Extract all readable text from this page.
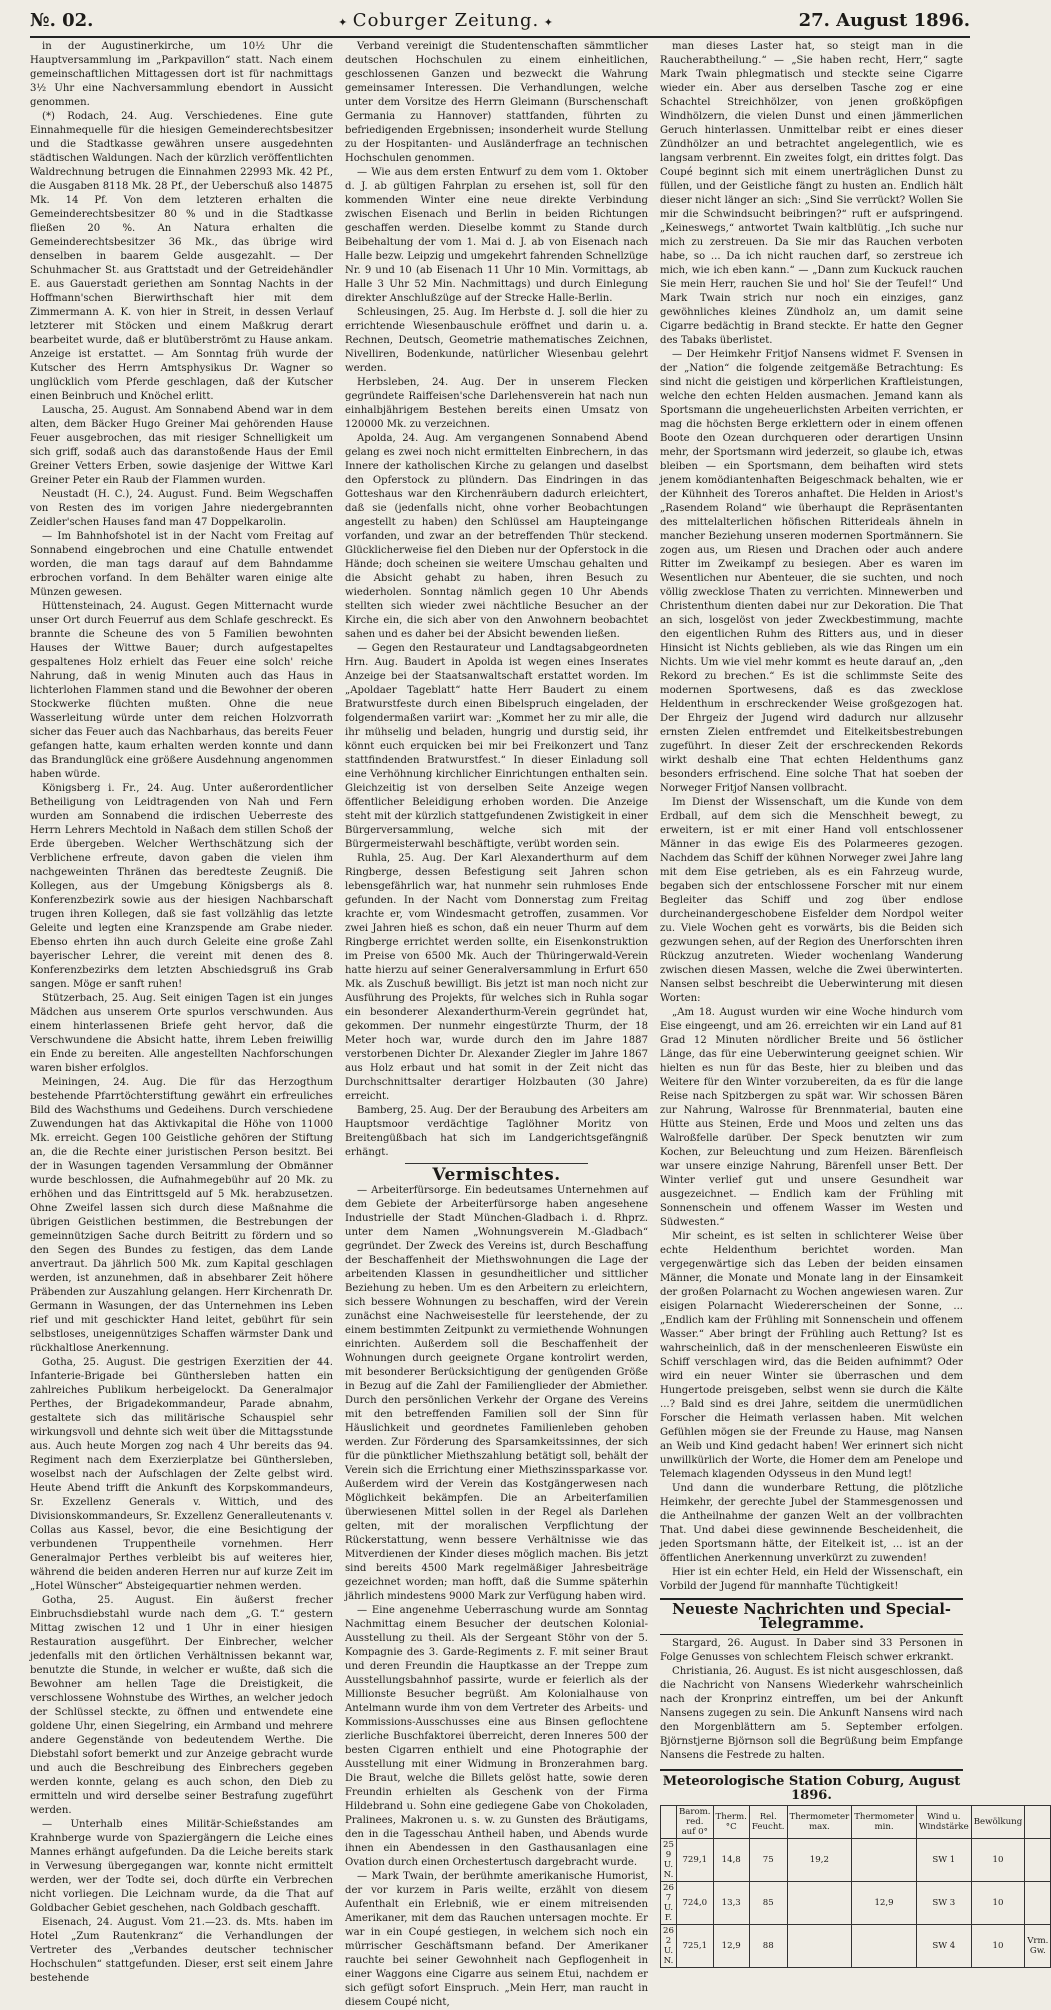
№. 02.	✦ Coburger Zeitung. ✦	27. August 1896.

in der Augustinerkirche, um 10½ Uhr die Hauptversammlung im „Parkpavillon“ statt. Nach einem gemeinschaftlichen Mittagessen dort ist für nachmittags 3½ Uhr eine Nachversammlung ebendort in Aussicht genommen.

(*) Rodach, 24. Aug. Verschiedenes. Eine gute Einnahmequelle für die hiesigen Gemeinderechtsbesitzer und die Stadtkasse gewähren unsere ausgedehnten städtischen Waldungen. Nach der kürzlich veröffentlichten Waldrechnung betrugen die Einnahmen 22993 Mk. 42 Pf., die Ausgaben 8118 Mk. 28 Pf., der Ueberschuß also 14875 Mk. 14 Pf. Von dem letzteren erhalten die Gemeinderechtsbesitzer 80 % und in die Stadtkasse fließen 20 %. An Natura erhalten die Gemeinderechtsbesitzer 36 Mk., das übrige wird denselben in baarem Gelde ausgezahlt. — Der Schuhmacher St. aus Grattstadt und der Getreidehändler E. aus Gauerstadt geriethen am Sonntag Nachts in der Hoffmann'schen Bierwirthschaft hier mit dem Zimmermann A. K. von hier in Streit, in dessen Verlauf letzterer mit Stöcken und einem Maßkrug derart bearbeitet wurde, daß er blutüberströmt zu Hause ankam. Anzeige ist erstattet. — Am Sonntag früh wurde der Kutscher des Herrn Amtsphysikus Dr. Wagner so unglücklich vom Pferde geschlagen, daß der Kutscher einen Beinbruch und Knöchel erlitt.

Lauscha, 25. August. Am Sonnabend Abend war in dem alten, dem Bäcker Hugo Greiner Mai gehörenden Hause Feuer ausgebrochen, das mit riesiger Schnelligkeit um sich griff, sodaß auch das daranstoßende Haus der Emil Greiner Vetters Erben, sowie dasjenige der Wittwe Karl Greiner Peter ein Raub der Flammen wurden.

Neustadt (H. C.), 24. August. Fund. Beim Wegschaffen von Resten des im vorigen Jahre niedergebrannten Zeidler'schen Hauses fand man 47 Doppelkarolin.

— Im Bahnhofshotel ist in der Nacht vom Freitag auf Sonnabend eingebrochen und eine Chatulle entwendet worden, die man tags darauf auf dem Bahndamme erbrochen vorfand. In dem Behälter waren einige alte Münzen gewesen.

Hüttensteinach, 24. August. Gegen Mitternacht wurde unser Ort durch Feuerruf aus dem Schlafe geschreckt. Es brannte die Scheune des von 5 Familien bewohnten Hauses der Wittwe Bauer; durch aufgestapeltes gespaltenes Holz erhielt das Feuer eine solch' reiche Nahrung, daß in wenig Minuten auch das Haus in lichterlohen Flammen stand und die Bewohner der oberen Stockwerke flüchten mußten. Ohne die neue Wasserleitung würde unter dem reichen Holzvorrath sicher das Feuer auch das Nachbarhaus, das bereits Feuer gefangen hatte, kaum erhalten werden konnte und dann das Brandunglück eine größere Ausdehnung angenommen haben würde.

Königsberg i. Fr., 24. Aug. Unter außerordentlicher Betheiligung von Leidtragenden von Nah und Fern wurden am Sonnabend die irdischen Ueberreste des Herrn Lehrers Mechtold in Naßach dem stillen Schoß der Erde übergeben. Welcher Werthschätzung sich der Verblichene erfreute, davon gaben die vielen ihm nachgeweinten Thränen das beredteste Zeugniß. Die Kollegen, aus der Umgebung Königsbergs als 8. Konferenzbezirk sowie aus der hiesigen Nachbarschaft trugen ihren Kollegen, daß sie fast vollzählig das letzte Geleite und legten eine Kranzspende am Grabe nieder. Ebenso ehrten ihn auch durch Geleite eine große Zahl bayerischer Lehrer, die vereint mit denen des 8. Konferenzbezirks dem letzten Abschiedsgruß ins Grab sangen. Möge er sanft ruhen!

Stützerbach, 25. Aug. Seit einigen Tagen ist ein junges Mädchen aus unserem Orte spurlos verschwunden. Aus einem hinterlassenen Briefe geht hervor, daß die Verschwundene die Absicht hatte, ihrem Leben freiwillig ein Ende zu bereiten. Alle angestellten Nachforschungen waren bisher erfolglos.

Meiningen, 24. Aug. Die für das Herzogthum bestehende Pfarrtöchterstiftung gewährt ein erfreuliches Bild des Wachsthums und Gedeihens. Durch verschiedene Zuwendungen hat das Aktivkapital die Höhe von 11000 Mk. erreicht. Gegen 100 Geistliche gehören der Stiftung an, die die Rechte einer juristischen Person besitzt. Bei der in Wasungen tagenden Versammlung der Obmänner wurde beschlossen, die Aufnahmegebühr auf 20 Mk. zu erhöhen und das Eintrittsgeld auf 5 Mk. herabzusetzen. Ohne Zweifel lassen sich durch diese Maßnahme die übrigen Geistlichen bestimmen, die Bestrebungen der gemeinnützigen Sache durch Beitritt zu fördern und so den Segen des Bundes zu festigen, das dem Lande anvertraut. Da jährlich 500 Mk. zum Kapital geschlagen werden, ist anzunehmen, daß in absehbarer Zeit höhere Präbenden zur Auszahlung gelangen. Herr Kirchenrath Dr. Germann in Wasungen, der das Unternehmen ins Leben rief und mit geschickter Hand leitet, gebührt für sein selbstloses, uneigennütziges Schaffen wärmster Dank und rückhaltlose Anerkennung.

Gotha, 25. August. Die gestrigen Exerzitien der 44. Infanterie-Brigade bei Günthersleben hatten ein zahlreiches Publikum herbeigelockt. Da Generalmajor Perthes, der Brigadekommandeur, Parade abnahm, gestaltete sich das militärische Schauspiel sehr wirkungsvoll und dehnte sich weit über die Mittagsstunde aus. Auch heute Morgen zog nach 4 Uhr bereits das 94. Regiment nach dem Exerzierplatze bei Günthersleben, woselbst nach der Aufschlagen der Zelte gelbst wird. Heute Abend trifft die Ankunft des Korpskommandeurs, Sr. Exzellenz Generals v. Wittich, und des Divisionskommandeurs, Sr. Exzellenz Generalleutenants v. Collas aus Kassel, bevor, die eine Besichtigung der verbundenen Truppentheile vornehmen. Herr Generalmajor Perthes verbleibt bis auf weiteres hier, während die beiden anderen Herren nur auf kurze Zeit im „Hotel Wünscher“ Absteigequartier nehmen werden.

Gotha, 25. August. Ein äußerst frecher Einbruchsdiebstahl wurde nach dem „G. T.“ gestern Mittag zwischen 12 und 1 Uhr in einer hiesigen Restauration ausgeführt. Der Einbrecher, welcher jedenfalls mit den örtlichen Verhältnissen bekannt war, benutzte die Stunde, in welcher er wußte, daß sich die Bewohner am hellen Tage die Dreistigkeit, die verschlossene Wohnstube des Wirthes, an welcher jedoch der Schlüssel steckte, zu öffnen und entwendete eine goldene Uhr, einen Siegelring, ein Armband und mehrere andere Gegenstände von bedeutendem Werthe. Die Diebstahl sofort bemerkt und zur Anzeige gebracht wurde und auch die Beschreibung des Einbrechers gegeben werden konnte, gelang es auch schon, den Dieb zu ermitteln und wird derselbe seiner Bestrafung zugeführt werden.

— Unterhalb eines Militär-Schießstandes am Krahnberge wurde von Spaziergängern die Leiche eines Mannes erhängt aufgefunden. Da die Leiche bereits stark in Verwesung übergegangen war, konnte nicht ermittelt werden, wer der Todte sei, doch dürfte ein Verbrechen nicht vorliegen. Die Leichnam wurde, da die That auf Goldbacher Gebiet geschehen, nach Goldbach geschafft.

Eisenach, 24. August. Vom 21.—23. ds. Mts. haben im Hotel „Zum Rautenkranz“ die Verhandlungen der Vertreter des „Verbandes deutscher technischer Hochschulen“ stattgefunden. Dieser, erst seit einem Jahre bestehende

Verband vereinigt die Studentenschaften sämmtlicher deutschen Hochschulen zu einem einheitlichen, geschlossenen Ganzen und bezweckt die Wahrung gemeinsamer Interessen. Die Verhandlungen, welche unter dem Vorsitze des Herrn Gleimann (Burschenschaft Germania zu Hannover) stattfanden, führten zu befriedigenden Ergebnissen; insonderheit wurde Stellung zu der Hospitanten- und Ausländerfrage an technischen Hochschulen genommen.

— Wie aus dem ersten Entwurf zu dem vom 1. Oktober d. J. ab gültigen Fahrplan zu ersehen ist, soll für den kommenden Winter eine neue direkte Verbindung zwischen Eisenach und Berlin in beiden Richtungen geschaffen werden. Dieselbe kommt zu Stande durch Beibehaltung der vom 1. Mai d. J. ab von Eisenach nach Halle bezw. Leipzig und umgekehrt fahrenden Schnellzüge Nr. 9 und 10 (ab Eisenach 11 Uhr 10 Min. Vormittags, ab Halle 3 Uhr 52 Min. Nachmittags) und durch Einlegung direkter Anschlußzüge auf der Strecke Halle-Berlin.

Schleusingen, 25. Aug. Im Herbste d. J. soll die hier zu errichtende Wiesenbauschule eröffnet und darin u. a. Rechnen, Deutsch, Geometrie mathematisches Zeichnen, Nivelliren, Bodenkunde, natürlicher Wiesenbau gelehrt werden.

Herbsleben, 24. Aug. Der in unserem Flecken gegründete Raiffeisen'sche Darlehensverein hat nach nun einhalbjährigem Bestehen bereits einen Umsatz von 120000 Mk. zu verzeichnen.

Apolda, 24. Aug. Am vergangenen Sonnabend Abend gelang es zwei noch nicht ermittelten Einbrechern, in das Innere der katholischen Kirche zu gelangen und daselbst den Opferstock zu plündern. Das Eindringen in das Gotteshaus war den Kirchenräubern dadurch erleichtert, daß sie (jedenfalls nicht, ohne vorher Beobachtungen angestellt zu haben) den Schlüssel am Haupteingange vorfanden, und zwar an der betreffenden Thür steckend. Glücklicherweise fiel den Dieben nur der Opferstock in die Hände; doch scheinen sie weitere Umschau gehalten und die Absicht gehabt zu haben, ihren Besuch zu wiederholen. Sonntag nämlich gegen 10 Uhr Abends stellten sich wieder zwei nächtliche Besucher an der Kirche ein, die sich aber von den Anwohnern beobachtet sahen und es daher bei der Absicht bewenden ließen.

— Gegen den Restaurateur und Landtagsabgeordneten Hrn. Aug. Baudert in Apolda ist wegen eines Inserates Anzeige bei der Staatsanwaltschaft erstattet worden. Im „Apoldaer Tageblatt“ hatte Herr Baudert zu einem Bratwurstfeste durch einen Bibelspruch eingeladen, der folgendermaßen variirt war: „Kommet her zu mir alle, die ihr mühselig und beladen, hungrig und durstig seid, ihr könnt euch erquicken bei mir bei Freikonzert und Tanz stattfindenden Bratwurstfest.“ In dieser Einladung soll eine Verhöhnung kirchlicher Einrichtungen enthalten sein. Gleichzeitig ist von derselben Seite Anzeige wegen öffentlicher Beleidigung erhoben worden. Die Anzeige steht mit der kürzlich stattgefundenen Zwistigkeit in einer Bürgerversammlung, welche sich mit der Bürgermeisterwahl beschäftigte, verübt worden sein.

Ruhla, 25. Aug. Der Karl Alexanderthurm auf dem Ringberge, dessen Befestigung seit Jahren schon lebensgefährlich war, hat nunmehr sein ruhmloses Ende gefunden. In der Nacht vom Donnerstag zum Freitag krachte er, vom Windesmacht getroffen, zusammen. Vor zwei Jahren hieß es schon, daß ein neuer Thurm auf dem Ringberge errichtet werden sollte, ein Eisenkonstruktion im Preise von 6500 Mk. Auch der Thüringerwald-Verein hatte hierzu auf seiner Generalversammlung in Erfurt 650 Mk. als Zuschuß bewilligt. Bis jetzt ist man noch nicht zur Ausführung des Projekts, für welches sich in Ruhla sogar ein besonderer Alexanderthurm-Verein gegründet hat, gekommen. Der nunmehr eingestürzte Thurm, der 18 Meter hoch war, wurde durch den im Jahre 1887 verstorbenen Dichter Dr. Alexander Ziegler im Jahre 1867 aus Holz erbaut und hat somit in der Zeit nicht das Durchschnittsalter derartiger Holzbauten (30 Jahre) erreicht.

Bamberg, 25. Aug. Der der Beraubung des Arbeiters am Hauptsmoor verdächtige Taglöhner Moritz von Breitengüßbach hat sich im Landgerichtsgefängniß erhängt.

Vermischtes.

— Arbeiterfürsorge. Ein bedeutsames Unternehmen auf dem Gebiete der Arbeiterfürsorge haben angesehene Industrielle der Stadt München-Gladbach i. d. Rhprz. unter dem Namen „Wohnungsverein M.-Gladbach“ gegründet. Der Zweck des Vereins ist, durch Beschaffung der Beschaffenheit der Miethswohnungen die Lage der arbeitenden Klassen in gesundheitlicher und sittlicher Beziehung zu heben. Um es den Arbeitern zu erleichtern, sich bessere Wohnungen zu beschaffen, wird der Verein zunächst eine Nachweisestelle für leerstehende, der zu einem bestimmten Zeitpunkt zu vermiethende Wohnungen einrichten. Außerdem soll die Beschaffenheit der Wohnungen durch geeignete Organe kontrolirt werden, mit besonderer Berücksichtigung der genügenden Größe in Bezug auf die Zahl der Familienglieder der Abmiether. Durch den persönlichen Verkehr der Organe des Vereins mit den betreffenden Familien soll der Sinn für Häuslichkeit und geordnetes Familienleben gehoben werden. Zur Förderung des Sparsamkeitssinnes, der sich für die pünktlicher Miethszahlung betätigt soll, behält der Verein sich die Errichtung einer Miethszinssparkasse vor. Außerdem wird der Verein das Kostgängerwesen nach Möglichkeit bekämpfen. Die an Arbeiterfamilien überwiesenen Mittel sollen in der Regel als Darlehen gelten, mit der moralischen Verpflichtung der Rückerstattung, wenn bessere Verhältnisse wie das Mitverdienen der Kinder dieses möglich machen. Bis jetzt sind bereits 4500 Mark regelmäßiger Jahresbeiträge gezeichnet worden; man hofft, daß die Summe späterhin jährlich mindestens 9000 Mark zur Verfügung haben wird.

— Eine angenehme Ueberraschung wurde am Sonntag Nachmittag einem Besucher der deutschen Kolonial-Ausstellung zu theil. Als der Sergeant Stöhr von der 5. Kompagnie des 3. Garde-Regiments z. F. mit seiner Braut und deren Freundin die Hauptkasse an der Treppe zum Ausstellungsbahnhof passirte, wurde er feierlich als der Millionste Besucher begrüßt. Am Kolonialhause von Antelmann wurde ihm von dem Vertreter des Arbeits- und Kommissions-Ausschusses eine aus Binsen geflochtene zierliche Buschfaktorei überreicht, deren Inneres 500 der besten Cigarren enthielt und eine Photographie der Ausstellung mit einer Widmung in Bronzerahmen barg. Die Braut, welche die Billets gelöst hatte, sowie deren Freundin erhielten als Geschenk von der Firma Hildebrand u. Sohn eine gediegene Gabe von Chokoladen, Pralinees, Makronen u. s. w. zu Gunsten des Bräutigams, den in die Tagesschau Antheil haben, und Abends wurde ihnen ein Abendessen in den Gasthausanlagen eine Ovation durch einen Orchestertusch dargebracht wurde.

— Mark Twain, der berühmte amerikanische Humorist, der vor kurzem in Paris weilte, erzählt von diesem Aufenthalt ein Erlebniß, wie er einem mitreisenden Amerikaner, mit dem das Rauchen untersagen mochte. Er war in ein Coupé gestiegen, in welchem sich noch ein mürrischer Geschäftsmann befand. Der Amerikaner rauchte bei seiner Gewohnheit nach Gepflogenheit in einer Waggons eine Cigarre aus seinem Etui, nachdem er sich gefügt sofort Einspruch. „Mein Herr, man raucht in diesem Coupé nicht,

man dieses Laster hat, so steigt man in die Raucherabtheilung.“ — „Sie haben recht, Herr,“ sagte Mark Twain phlegmatisch und steckte seine Cigarre wieder ein. Aber aus derselben Tasche zog er eine Schachtel Streichhölzer, von jenen großköpfigen Windhölzern, die vielen Dunst und einen jämmerlichen Geruch hinterlassen. Unmittelbar reibt er eines dieser Zündhölzer an und betrachtet angelegentlich, wie es langsam verbrennt. Ein zweites folgt, ein drittes folgt. Das Coupé beginnt sich mit einem unerträglichen Dunst zu füllen, und der Geistliche fängt zu husten an. Endlich hält dieser nicht länger an sich: „Sind Sie verrückt? Wollen Sie mir die Schwindsucht beibringen?“ ruft er aufspringend. „Keineswegs,“ antwortet Twain kaltblütig. „Ich suche nur mich zu zerstreuen. Da Sie mir das Rauchen verboten habe, so ... Da ich nicht rauchen darf, so zerstreue ich mich, wie ich eben kann.“ — „Dann zum Kuckuck rauchen Sie mein Herr, rauchen Sie und hol' Sie der Teufel!“ Und Mark Twain strich nur noch ein einziges, ganz gewöhnliches kleines Zündholz an, um damit seine Cigarre bedächtig in Brand steckte. Er hatte den Gegner des Tabaks überlistet.

— Der Heimkehr Fritjof Nansens widmet F. Svensen in der „Nation“ die folgende zeitgemäße Betrachtung: Es sind nicht die geistigen und körperlichen Kraftleistungen, welche den echten Helden ausmachen. Jemand kann als Sportsmann die ungeheuerlichsten Arbeiten verrichten, er mag die höchsten Berge erklettern oder in einem offenen Boote den Ozean durchqueren oder derartigen Unsinn mehr, der Sportsmann wird jederzeit, so glaube ich, etwas bleiben — ein Sportsmann, dem beihaften wird stets jenem komödiantenhaften Beigeschmack behalten, wie er der Kühnheit des Toreros anhaftet. Die Helden in Ariost's „Rasendem Roland“ wie überhaupt die Repräsentanten des mittelalterlichen höfischen Ritterideals ähneln in mancher Beziehung unseren modernen Sportmännern. Sie zogen aus, um Riesen und Drachen oder auch andere Ritter im Zweikampf zu besiegen. Aber es waren im Wesentlichen nur Abenteuer, die sie suchten, und noch völlig zwecklose Thaten zu verrichten. Minnewerben und Christenthum dienten dabei nur zur Dekoration. Die That an sich, losgelöst von jeder Zweckbestimmung, machte den eigentlichen Ruhm des Ritters aus, und in dieser Hinsicht ist Nichts geblieben, als wie das Ringen um ein Nichts. Um wie viel mehr kommt es heute darauf an, „den Rekord zu brechen.“ Es ist die schlimmste Seite des modernen Sportwesens, daß es das zwecklose Heldenthum in erschreckender Weise großgezogen hat. Der Ehrgeiz der Jugend wird dadurch nur allzusehr ernsten Zielen entfremdet und Eitelkeitsbestrebungen zugeführt. In dieser Zeit der erschreckenden Rekords wirkt deshalb eine That echten Heldenthums ganz besonders erfrischend. Eine solche That hat soeben der Norweger Fritjof Nansen vollbracht.

Im Dienst der Wissenschaft, um die Kunde von dem Erdball, auf dem sich die Menschheit bewegt, zu erweitern, ist er mit einer Hand voll entschlossener Männer in das ewige Eis des Polarmeeres gezogen. Nachdem das Schiff der kühnen Norweger zwei Jahre lang mit dem Eise getrieben, als es ein Fahrzeug wurde, begaben sich der entschlossene Forscher mit nur einem Begleiter das Schiff und zog über endlose durcheinandergeschobene Eisfelder dem Nordpol weiter zu. Viele Wochen geht es vorwärts, bis die Beiden sich gezwungen sehen, auf der Region des Unerforschten ihren Rückzug anzutreten. Wieder wochenlang Wanderung zwischen diesen Massen, welche die Zwei überwinterten. Nansen selbst beschreibt die Ueberwinterung mit diesen Worten:

„Am 18. August wurden wir eine Woche hindurch vom Eise eingeengt, und am 26. erreichten wir ein Land auf 81 Grad 12 Minuten nördlicher Breite und 56 östlicher Länge, das für eine Ueberwinterung geeignet schien. Wir hielten es nun für das Beste, hier zu bleiben und das Weitere für den Winter vorzubereiten, da es für die lange Reise nach Spitzbergen zu spät war. Wir schossen Bären zur Nahrung, Walrosse für Brennmaterial, bauten eine Hütte aus Steinen, Erde und Moos und zelten uns das Walroßfelle darüber. Der Speck benutzten wir zum Kochen, zur Beleuchtung und zum Heizen. Bärenfleisch war unsere einzige Nahrung, Bärenfell unser Bett. Der Winter verlief gut und unsere Gesundheit war ausgezeichnet. — Endlich kam der Frühling mit Sonnenschein und offenem Wasser im Westen und Südwesten.“

Mir scheint, es ist selten in schlichterer Weise über echte Heldenthum berichtet worden. Man vergegenwärtige sich das Leben der beiden einsamen Männer, die Monate und Monate lang in der Einsamkeit der großen Polarnacht zu Wochen angewiesen waren. Zur eisigen Polarnacht Wiedererscheinen der Sonne, ... „Endlich kam der Frühling mit Sonnenschein und offenem Wasser.“ Aber bringt der Frühling auch Rettung? Ist es wahrscheinlich, daß in der menschenleeren Eiswüste ein Schiff verschlagen wird, das die Beiden aufnimmt? Oder wird ein neuer Winter sie überraschen und dem Hungertode preisgeben, selbst wenn sie durch die Kälte ...? Bald sind es drei Jahre, seitdem die unermüdlichen Forscher die Heimath verlassen haben. Mit welchen Gefühlen mögen sie der Freunde zu Hause, mag Nansen an Weib und Kind gedacht haben! Wer erinnert sich nicht unwillkürlich der Worte, die Homer dem am Penelope und Telemach klagenden Odysseus in den Mund legt!

Und dann die wunderbare Rettung, die plötzliche Heimkehr, der gerechte Jubel der Stammesgenossen und die Antheilnahme der ganzen Welt an der vollbrachten That. Und dabei diese gewinnende Bescheidenheit, die jeden Sportsmann hätte, der Eitelkeit ist, ... ist an der öffentlichen Anerkennung unverkürzt zu zuwenden!

Hier ist ein echter Held, ein Held der Wissenschaft, ein Vorbild der Jugend für mannhafte Tüchtigkeit!

Neueste Nachrichten und Special-Telegramme.

Stargard, 26. August. In Daber sind 33 Personen in Folge Genusses von schlechtem Fleisch schwer erkrankt.

Christiania, 26. August. Es ist nicht ausgeschlossen, daß die Nachricht von Nansens Wiederkehr wahrscheinlich nach der Kronprinz eintreffen, um bei der Ankunft Nansens zugegen zu sein. Die Ankunft Nansens wird nach den Morgenblättern am 5. September erfolgen. Björnstjerne Björnson soll die Begrüßung beim Empfange Nansens die Festrede zu halten.

Meteorologische Station Coburg, August 1896.
	Barom. red. auf 0°	Therm. °C	Rel. Feucht.	Thermometer max.	Thermometer min.	Wind u. Windstärke	Bewölkung	
25 9 U. N.	729,1	14,8	75	19,2		SW 1	10	
26 7 U. F.	724,0	13,3	85		12,9	SW 3	10	
26 2 U. N.	725,1	12,9	88			SW 4	10	Vrm. Gw.
